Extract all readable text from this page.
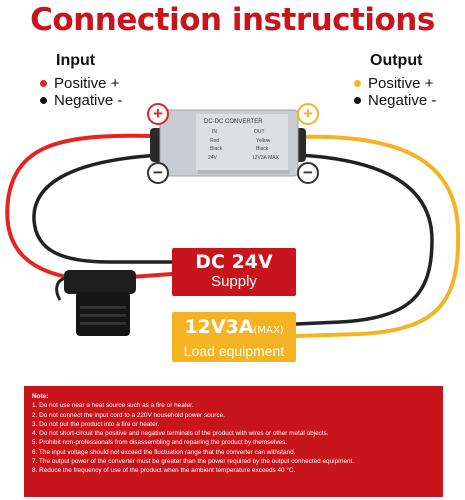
Connection instructions
Input
Positive +
Negative -
Output
Positive +
Negative -
+
−
+
−
DC-DC CONVERTER
IN	OUT
Red	Yellow
Black	Black
24V	12V3A MAX
DC 24V
Supply
12V3A(MAX)
Load equipment
Note:
1. Do not use near a heat source such as a fire or heater.
2. Do not connect the input cord to a 220V household power source.
3. Do not put the product into a fire or heater.
4. Do not short-circuit the positive and negative terminals of the product with wires or other metal objects.
5. Prohibit non-professionals from disassembling and repairing the product by themselves.
6. The input voltage should not exceed the fluctuation range that the converter can withstand.
7. The output power of the converter must be greater than the power required by the output connected equipment.
8. Reduce the frequency of use of the product when the ambient temperature exceeds 40 °C.
